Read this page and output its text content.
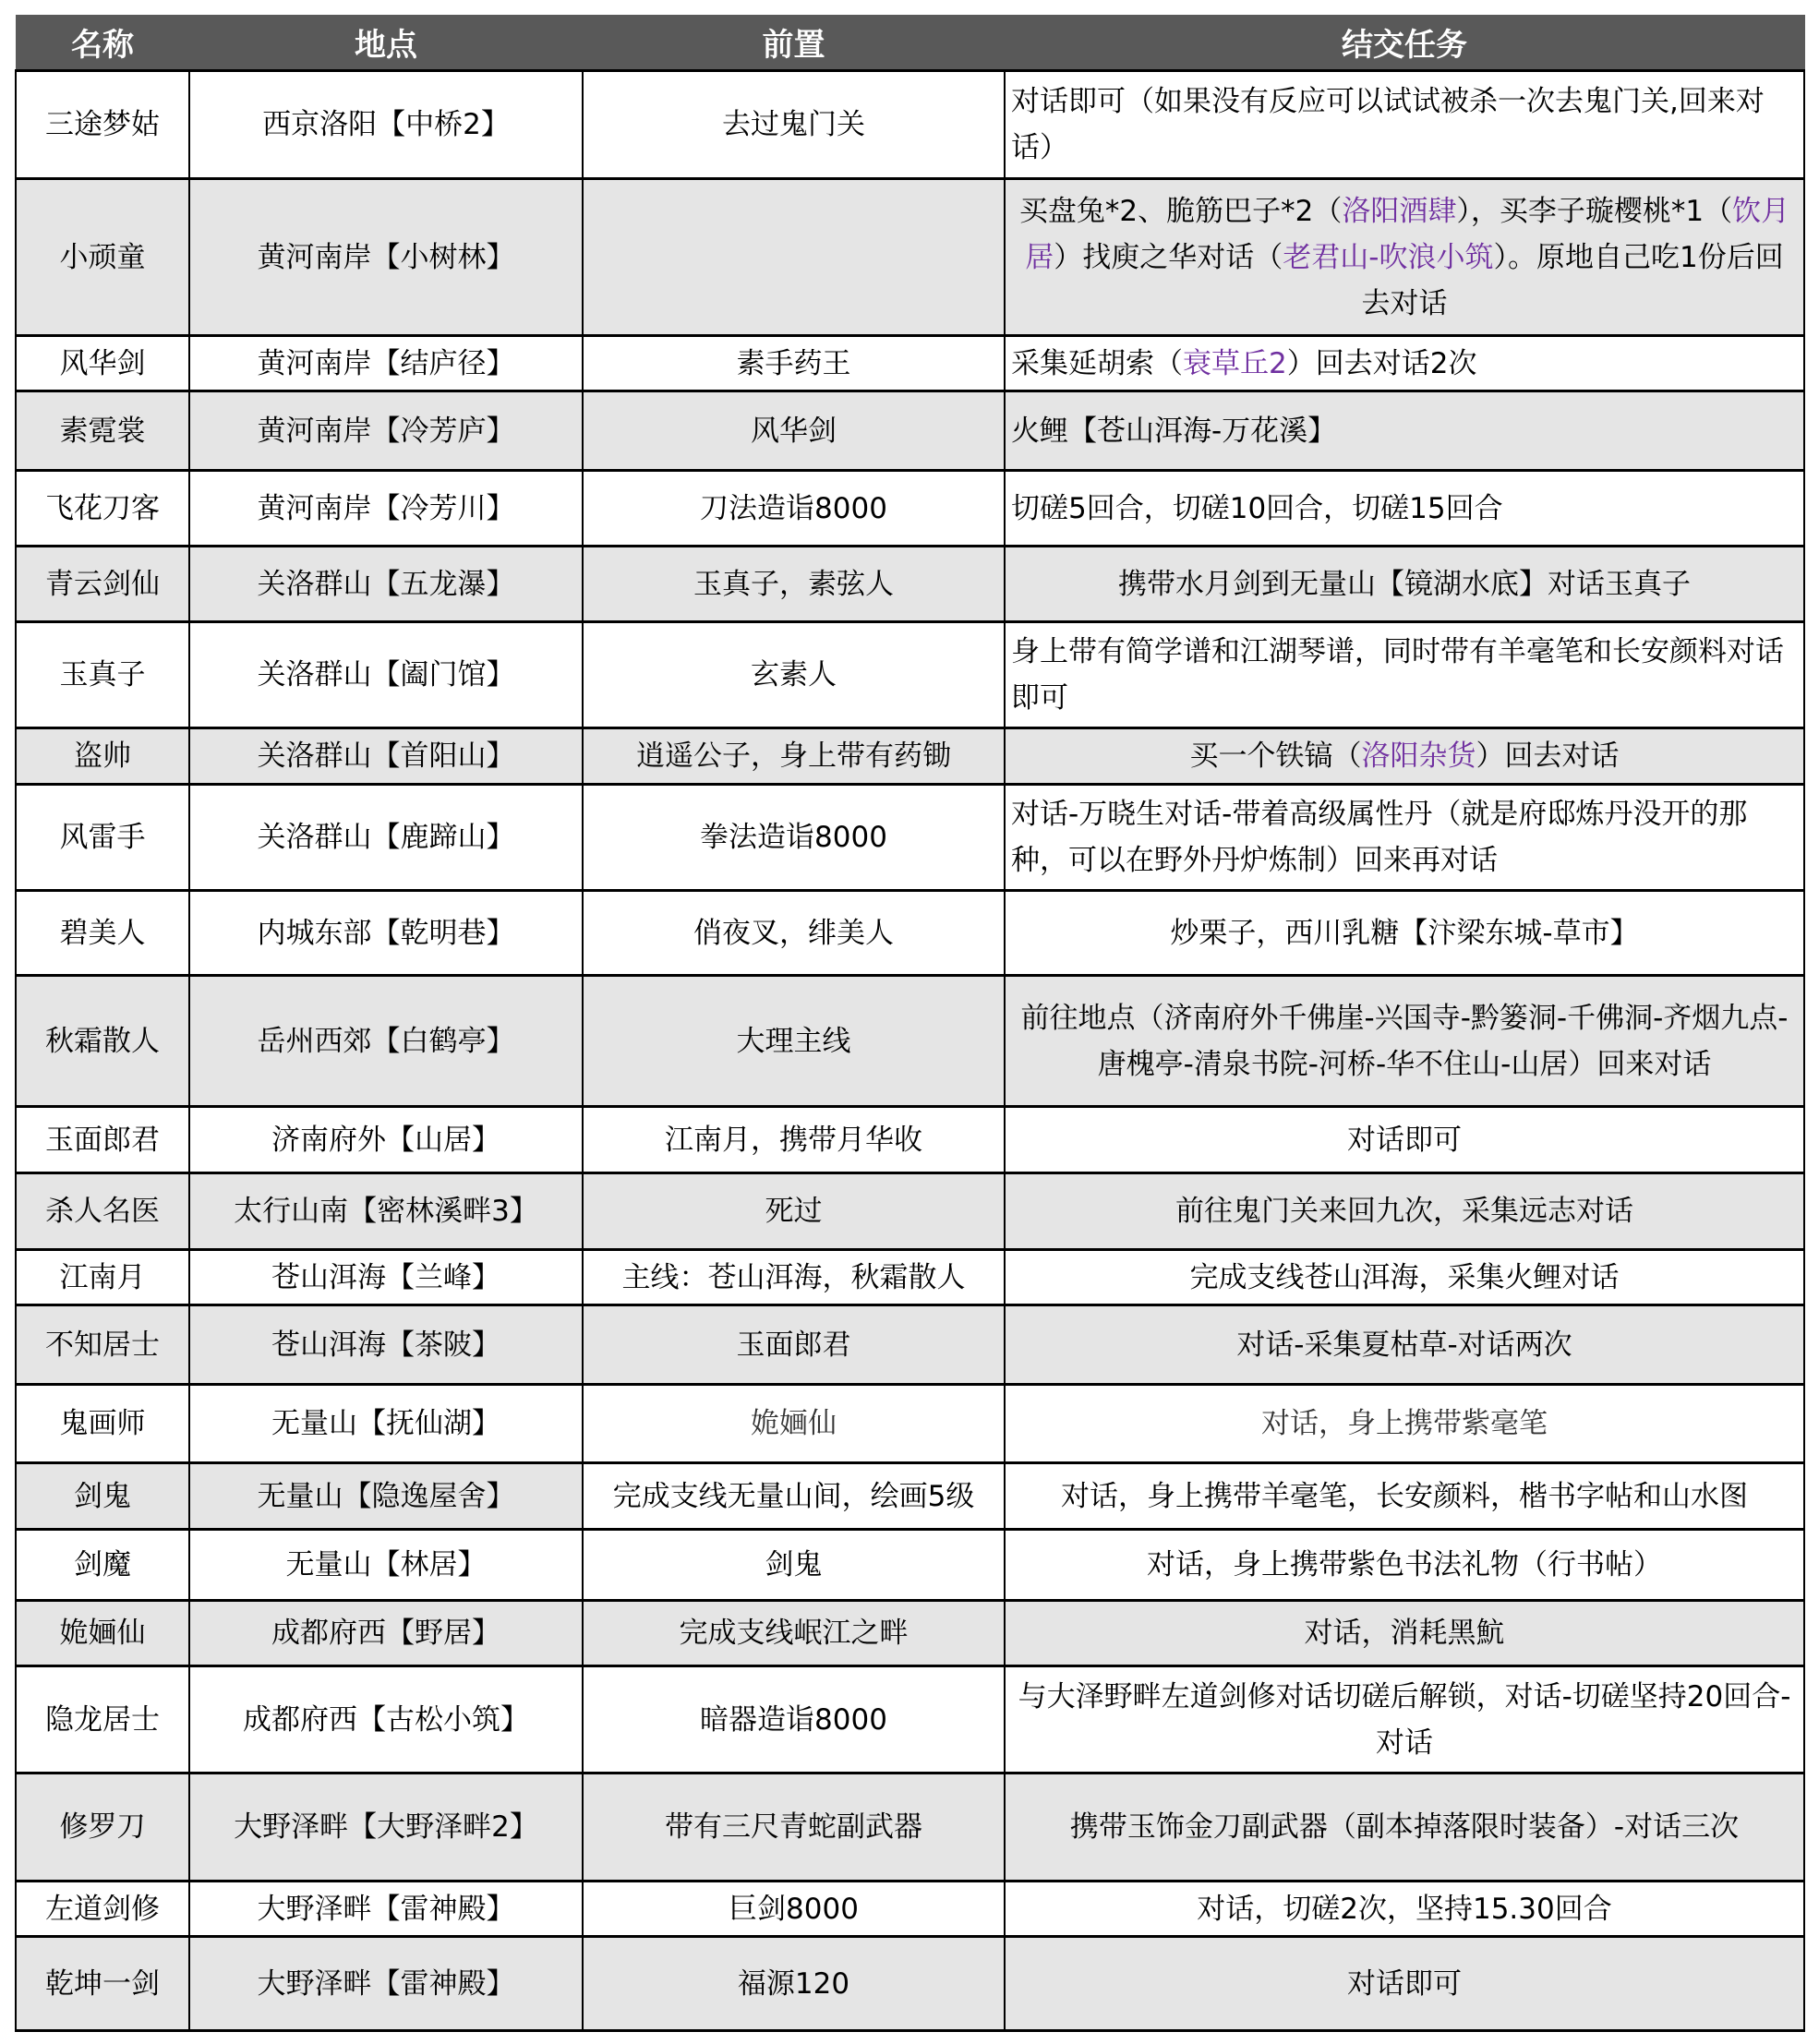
名称	地点	前置	结交任务
三途梦姑	西京洛阳【中桥2】	去过鬼门关	对话即可（如果没有反应可以试试被杀一次去鬼门关,回来对话）
小顽童	黄河南岸【小树林】		买盘兔*2、脆筋巴子*2（洛阳酒肆），买李子璇樱桃*1（饮月居）找庾之华对话（老君山-吹浪小筑）。原地自己吃1份后回去对话
风华剑	黄河南岸【结庐径】	素手药王	采集延胡索（衰草丘2）回去对话2次
素霓裳	黄河南岸【冷芳庐】	风华剑	火鲤【苍山洱海-万花溪】
飞花刀客	黄河南岸【冷芳川】	刀法造诣8000	切磋5回合，切磋10回合，切磋15回合
青云剑仙	关洛群山【五龙瀑】	玉真子，素弦人	携带水月剑到无量山【镜湖水底】对话玉真子
玉真子	关洛群山【阖门馆】	玄素人	身上带有简学谱和江湖琴谱，同时带有羊毫笔和长安颜料对话即可
盗帅	关洛群山【首阳山】	逍遥公子，身上带有药锄	买一个铁镐（洛阳杂货）回去对话
风雷手	关洛群山【鹿蹄山】	拳法造诣8000	对话-万晓生对话-带着高级属性丹（就是府邸炼丹没开的那种，可以在野外丹炉炼制）回来再对话
碧美人	内城东部【乾明巷】	俏夜叉，绯美人	炒栗子，西川乳糖【汴梁东城-草市】
秋霜散人	岳州西郊【白鹤亭】	大理主线	前往地点（济南府外千佛崖-兴国寺-黔篓洞-千佛洞-齐烟九点-唐槐亭-清泉书院-河桥-华不住山-山居）回来对话
玉面郎君	济南府外【山居】	江南月，携带月华收	对话即可
杀人名医	太行山南【密林溪畔3】	死过	前往鬼门关来回九次，采集远志对话
江南月	苍山洱海【兰峰】	主线：苍山洱海，秋霜散人	完成支线苍山洱海，采集火鲤对话
不知居士	苍山洱海【茶陂】	玉面郎君	对话-采集夏枯草-对话两次
鬼画师	无量山【抚仙湖】	姽婳仙	对话，身上携带紫毫笔
剑鬼	无量山【隐逸屋舍】	完成支线无量山间，绘画5级	对话，身上携带羊毫笔，长安颜料，楷书字帖和山水图
剑魔	无量山【林居】	剑鬼	对话，身上携带紫色书法礼物（行书帖）
姽婳仙	成都府西【野居】	完成支线岷江之畔	对话，消耗黑魧
隐龙居士	成都府西【古松小筑】	暗器造诣8000	与大泽野畔左道剑修对话切磋后解锁，对话-切磋坚持20回合-对话
修罗刀	大野泽畔【大野泽畔2】	带有三尺青蛇副武器	携带玉饰金刀副武器（副本掉落限时装备）-对话三次
左道剑修	大野泽畔【雷神殿】	巨剑8000	对话，切磋2次，坚持15.30回合
乾坤一剑	大野泽畔【雷神殿】	福源120	对话即可
